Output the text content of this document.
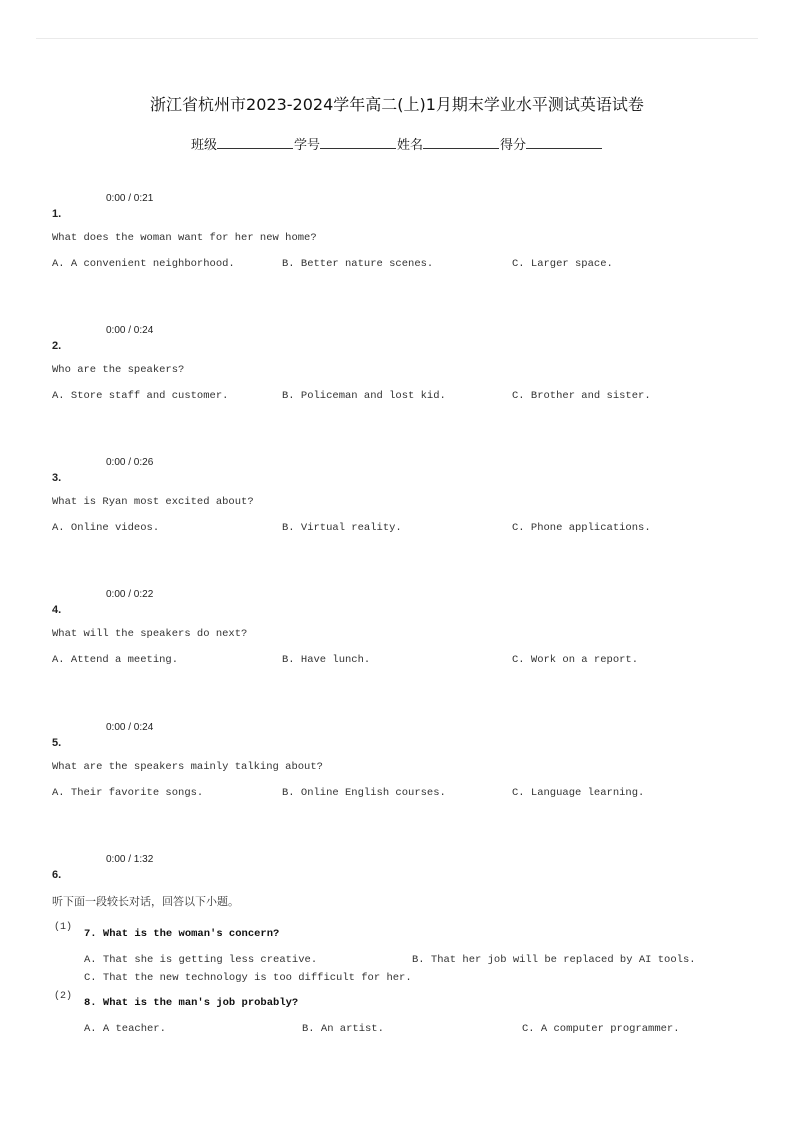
浙江省杭州市2023-2024学年高二(上)1月期末学业水平测试英语试卷
班级	学号	姓名	得分
0:00 / 0:21
1.
What does the woman want for her new home?
A. A convenient neighborhood.	B. Better nature scenes.	C. Larger space.
0:00 / 0:24
2.
Who are the speakers?
A. Store staff and customer.	B. Policeman and lost kid.	C. Brother and sister.
0:00 / 0:26
3.
What is Ryan most excited about?
A. Online videos.	B. Virtual reality.	C. Phone applications.
0:00 / 0:22
4.
What will the speakers do next?
A. Attend a meeting.	B. Have lunch.	C. Work on a report.
0:00 / 0:24
5.
What are the speakers mainly talking about?
A. Their favorite songs.	B. Online English courses.	C. Language learning.
0:00 / 1:32
6.
听下面一段较长对话，回答以下小题。
(1)
7. What is the woman's concern?
A. That she is getting less creative.	B. That her job will be replaced by AI tools.
C. That the new technology is too difficult for her.
(2)
8. What is the man's job probably?
A. A teacher.	B. An artist.	C. A computer programmer.
